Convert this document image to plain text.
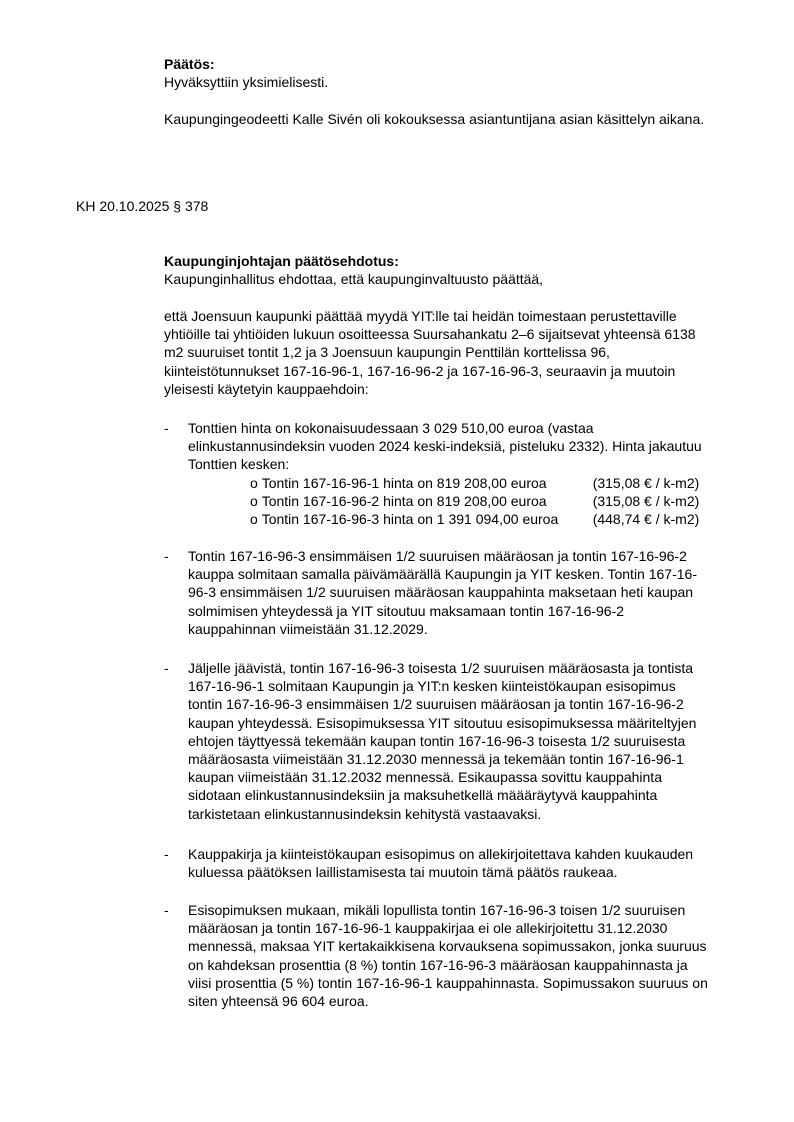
Päätös:
Hyväksyttiin yksimielisesti.
Kaupungingeodeetti Kalle Sivén oli kokouksessa asiantuntijana asian käsittelyn aikana.
KH 20.10.2025 § 378
Kaupunginjohtajan päätösehdotus:
Kaupunginhallitus ehdottaa, että kaupunginvaltuusto päättää,

että Joensuun kaupunki päättää myydä YIT:lle tai heidän toimestaan perustettaville

yhtiöille tai yhtiöiden lukuun osoitteessa Suursahankatu 2–6 sijaitsevat yhteensä 6138

m2 suuruiset tontit 1,2 ja 3 Joensuun kaupungin Penttilän korttelissa 96,

kiinteistötunnukset 167-16-96-1, 167-16-96-2 ja 167-16-96-3, seuraavin ja muutoin

yleisesti käytetyin kauppaehdoin:

- Tonttien hinta on kokonaisuudessaan 3 029 510,00 euroa (vastaa

elinkustannusindeksin vuoden 2024 keski-indeksiä, pisteluku 2332). Hinta jakautuu

Tonttien kesken:

o Tontin 167-16-96-1 hinta on 819 208,00 euroa	(315,08 € / k-m2)
o Tontin 167-16-96-2 hinta on 819 208,00 euroa	(315,08 € / k-m2)
o Tontin 167-16-96-3 hinta on 1 391 094,00 euroa (448,74 € / k-m2)
- Tontin 167-16-96-3 ensimmäisen 1/2 suuruisen määräosan ja tontin 167-16-96-2

kauppa solmitaan samalla päivämäärällä Kaupungin ja YIT kesken. Tontin 167-16-

96-3 ensimmäisen 1/2 suuruisen määräosan kauppahinta maksetaan heti kaupan

solmimisen yhteydessä ja YIT sitoutuu maksamaan tontin 167-16-96-2

kauppahinnan viimeistään 31.12.2029.

- Jäljelle jäävistä, tontin 167-16-96-3 toisesta 1/2 suuruisen määräosasta ja tontista

167-16-96-1 solmitaan Kaupungin ja YIT:n kesken kiinteistökaupan esisopimus

tontin 167-16-96-3 ensimmäisen 1/2 suuruisen määräosan ja tontin 167-16-96-2

kaupan yhteydessä. Esisopimuksessa YIT sitoutuu esisopimuksessa määriteltyjen

ehtojen täyttyessä tekemään kaupan tontin 167-16-96-3 toisesta 1/2 suuruisesta

määräosasta viimeistään 31.12.2030 mennessä ja tekemään tontin 167-16-96-1

kaupan viimeistään 31.12.2032 mennessä. Esikaupassa sovittu kauppahinta

sidotaan elinkustannusindeksiin ja maksuhetkellä määäräytyvä kauppahinta

tarkistetaan elinkustannusindeksin kehitystä vastaavaksi.

- Kauppakirja ja kiinteistökaupan esisopimus on allekirjoitettava kahden kuukauden

kuluessa päätöksen laillistamisesta tai muutoin tämä päätös raukeaa.

- Esisopimuksen mukaan, mikäli lopullista tontin 167-16-96-3 toisen 1/2 suuruisen

määräosan ja tontin 167-16-96-1 kauppakirjaa ei ole allekirjoitettu 31.12.2030

mennessä, maksaa YIT kertakaikkisena korvauksena sopimussakon, jonka suuruus

on kahdeksan prosenttia (8 %) tontin 167-16-96-3 määräosan kauppahinnasta ja

viisi prosenttia (5 %) tontin 167-16-96-1 kauppahinnasta. Sopimussakon suuruus on

siten yhteensä 96 604 euroa.
